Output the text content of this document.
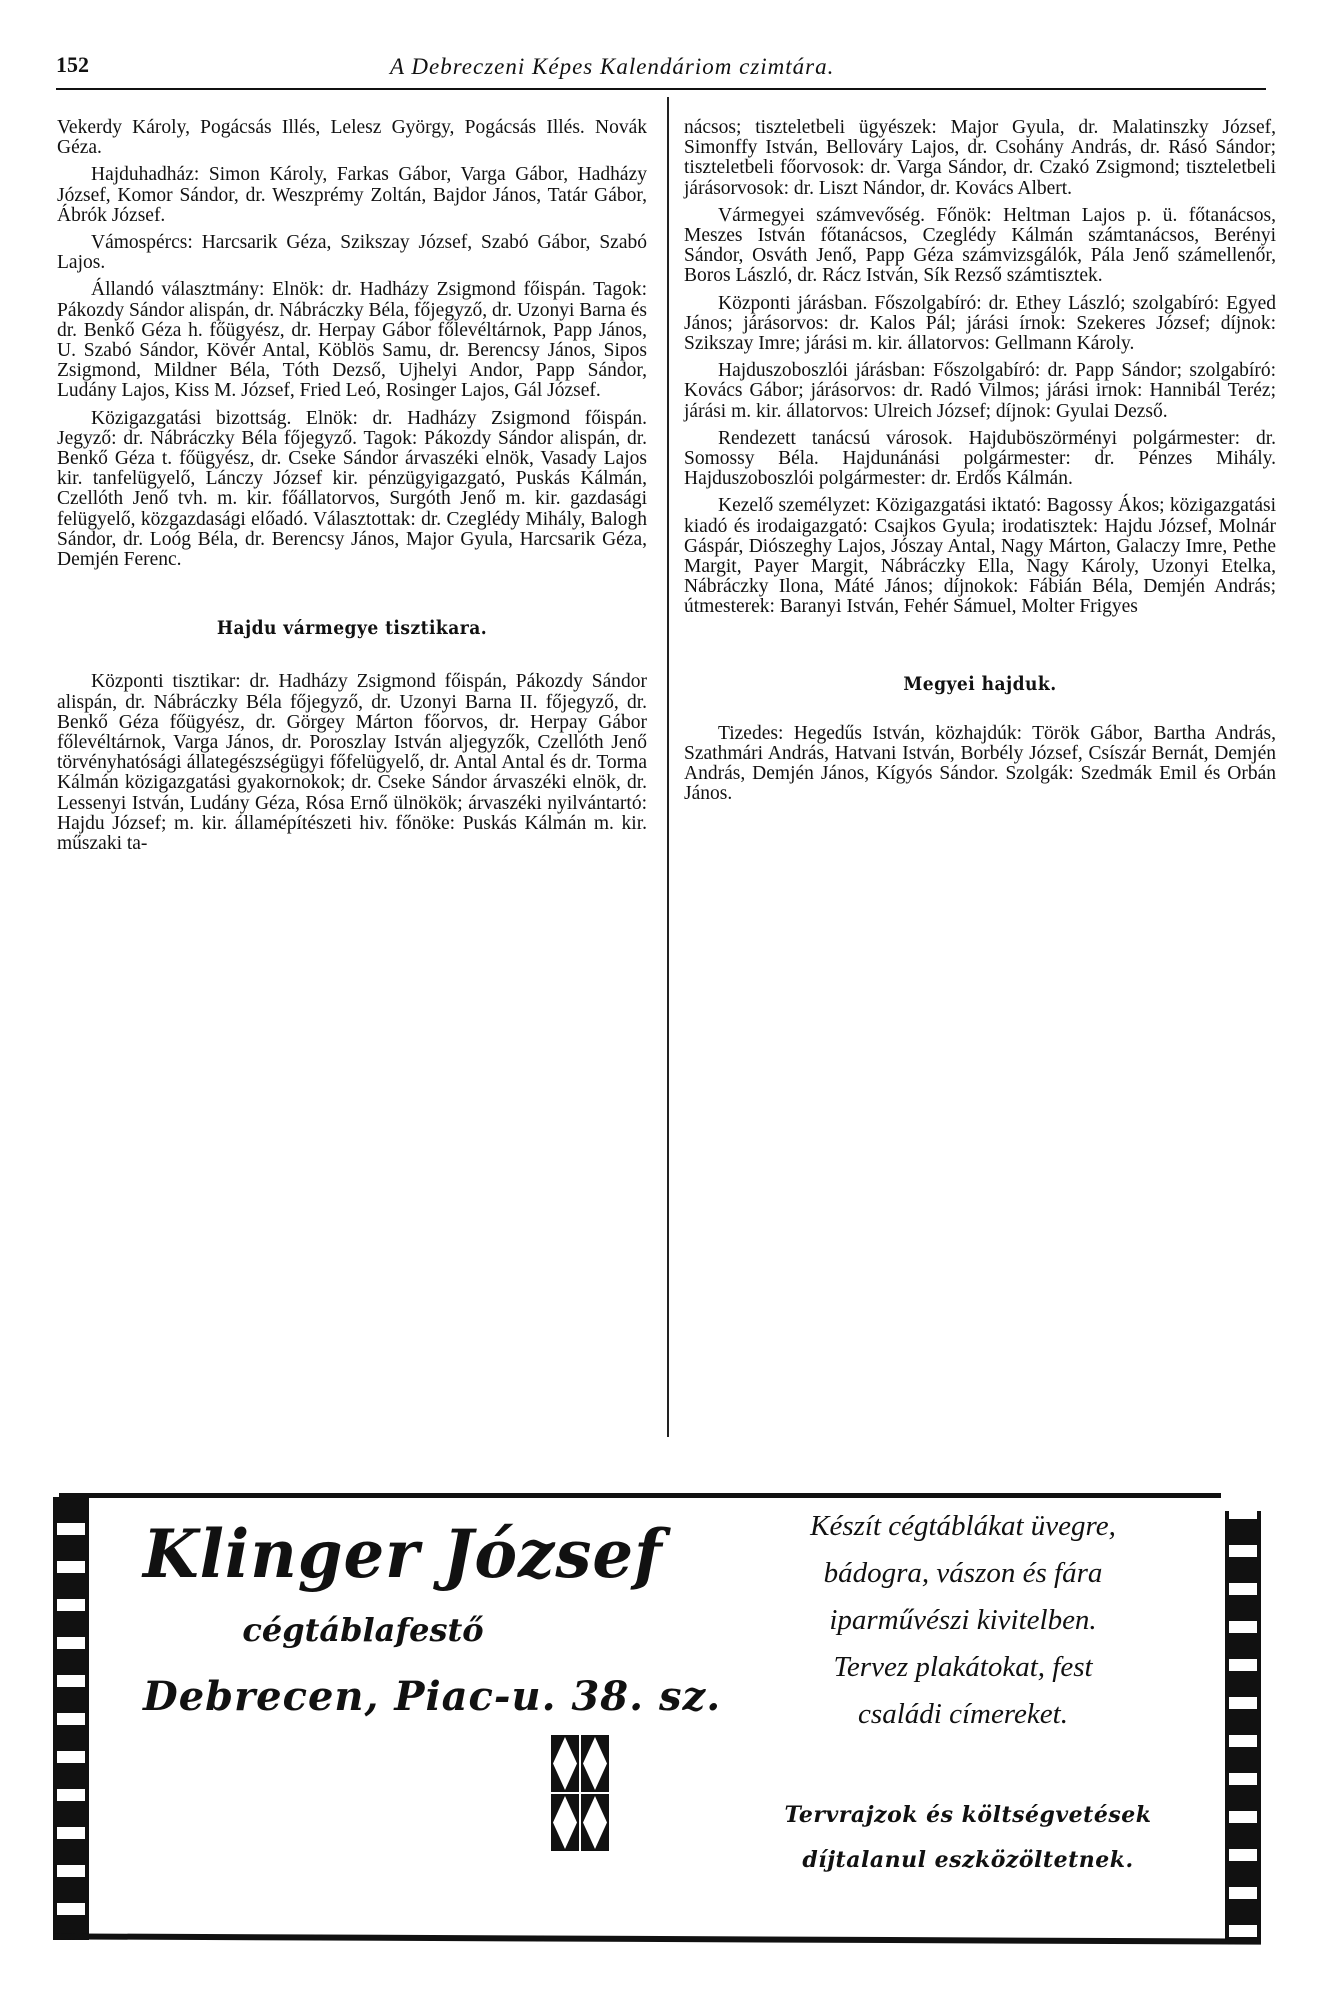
152	A Debreczeni Képes Kalendáriom czimtára.

Vekerdy Károly, Pogácsás Illés, Lelesz György, Pogácsás Illés. Novák Géza.

Hajduhadház: Simon Károly, Farkas Gábor, Varga Gábor, Hadházy József, Komor Sándor, dr. Weszprémy Zoltán, Bajdor János, Tatár Gábor, Ábrók József.

Vámospércs: Harcsarik Géza, Szikszay József, Szabó Gábor, Szabó Lajos.

Állandó választmány: Elnök: dr. Hadházy Zsigmond főispán. Tagok: Pákozdy Sándor alispán, dr. Nábráczky Béla, főjegyző, dr. Uzonyi Barna és dr. Benkő Géza h. főügyész, dr. Herpay Gábor főlevéltárnok, Papp János, U. Szabó Sándor, Kövér Antal, Köblös Samu, dr. Berencsy János, Sipos Zsigmond, Mildner Béla, Tóth Dezső, Ujhelyi Andor, Papp Sándor, Ludány Lajos, Kiss M. József, Fried Leó, Rosinger Lajos, Gál József.

Közigazgatási bizottság. Elnök: dr. Hadházy Zsigmond főispán. Jegyző: dr. Nábráczky Béla főjegyző. Tagok: Pákozdy Sándor alispán, dr. Benkő Géza t. főügyész, dr. Cseke Sándor árvaszéki elnök, Vasady Lajos kir. tanfelügyelő, Lánczy József kir. pénzügyigazgató, Puskás Kálmán, Czellóth Jenő tvh. m. kir. főállatorvos, Surgóth Jenő m. kir. gazdasági felügyelő, közgazdasági előadó. Választottak: dr. Czeglédy Mihály, Balogh Sándor, dr. Loóg Béla, dr. Berencsy János, Major Gyula, Harcsarik Géza, Demjén Ferenc.

Hajdu vármegye tisztikara.

Központi tisztikar: dr. Hadházy Zsigmond főispán, Pákozdy Sándor alispán, dr. Nábráczky Béla főjegyző, dr. Uzonyi Barna II. főjegyző, dr. Benkő Géza főügyész, dr. Görgey Márton főorvos, dr. Herpay Gábor főlevéltárnok, Varga János, dr. Poroszlay István aljegyzők, Czellóth Jenő törvényhatósági állategészségügyi főfelügyelő, dr. Antal Antal és dr. Torma Kálmán közigazgatási gyakornokok; dr. Cseke Sándor árvaszéki elnök, dr. Lessenyi István, Ludány Géza, Rósa Ernő ülnökök; árvaszéki nyilvántartó: Hajdu József; m. kir. államépítészeti hiv. főnöke: Puskás Kálmán m. kir. műszaki ta-

nácsos; tiszteletbeli ügyészek: Major Gyula, dr. Malatinszky József, Simonffy István, Bellováry Lajos, dr. Csohány András, dr. Rásó Sándor; tiszteletbeli főorvosok: dr. Varga Sándor, dr. Czakó Zsigmond; tiszteletbeli járásorvosok: dr. Liszt Nándor, dr. Kovács Albert.

Vármegyei számvevőség. Főnök: Heltman Lajos p. ü. főtanácsos, Meszes István főtanácsos, Czeglédy Kálmán számtanácsos, Berényi Sándor, Osváth Jenő, Papp Géza számvizsgálók, Pála Jenő számellenőr, Boros László, dr. Rácz István, Sík Rezső számtisztek.

Központi járásban. Főszolgabíró: dr. Ethey László; szolgabíró: Egyed János; járásorvos: dr. Kalos Pál; járási írnok: Szekeres József; díjnok: Szikszay Imre; járási m. kir. állatorvos: Gellmann Károly.

Hajduszoboszlói járásban: Főszolgabíró: dr. Papp Sándor; szolgabíró: Kovács Gábor; járásorvos: dr. Radó Vilmos; járási irnok: Hannibál Teréz; járási m. kir. állatorvos: Ulreich József; díjnok: Gyulai Dezső.

Rendezett tanácsú városok. Hajduböszörményi polgármester: dr. Somossy Béla. Hajdunánási polgármester: dr. Pénzes Mihály. Hajduszoboszlói polgármester: dr. Erdős Kálmán.

Kezelő személyzet: Közigazgatási iktató: Bagossy Ákos; közigazgatási kiadó és irodaigazgató: Csajkos Gyula; irodatisztek: Hajdu József, Molnár Gáspár, Diószeghy Lajos, Jószay Antal, Nagy Márton, Galaczy Imre, Pethe Margit, Payer Margit, Nábráczky Ella, Nagy Károly, Uzonyi Etelka, Nábráczky Ilona, Máté János; díjnokok: Fábián Béla, Demjén András; útmesterek: Baranyi István, Fehér Sámuel, Molter Frigyes

Megyei hajduk.

Tizedes: Hegedűs István, közhajdúk: Török Gábor, Bartha András, Szathmári András, Hatvani István, Borbély József, Csíszár Bernát, Demjén András, Demjén János, Kígyós Sándor. Szolgák: Szedmák Emil és Orbán János.

Klinger József
cégtáblafestő
Debrecen, Piac-u. 38. sz.
Készít cégtáblákat üvegre,
bádogra, vászon és fára
iparművészi kivitelben.
Tervez plakátokat, fest
családi címereket.
Tervrajzok és költségvetések
díjtalanul eszközöltetnek.
